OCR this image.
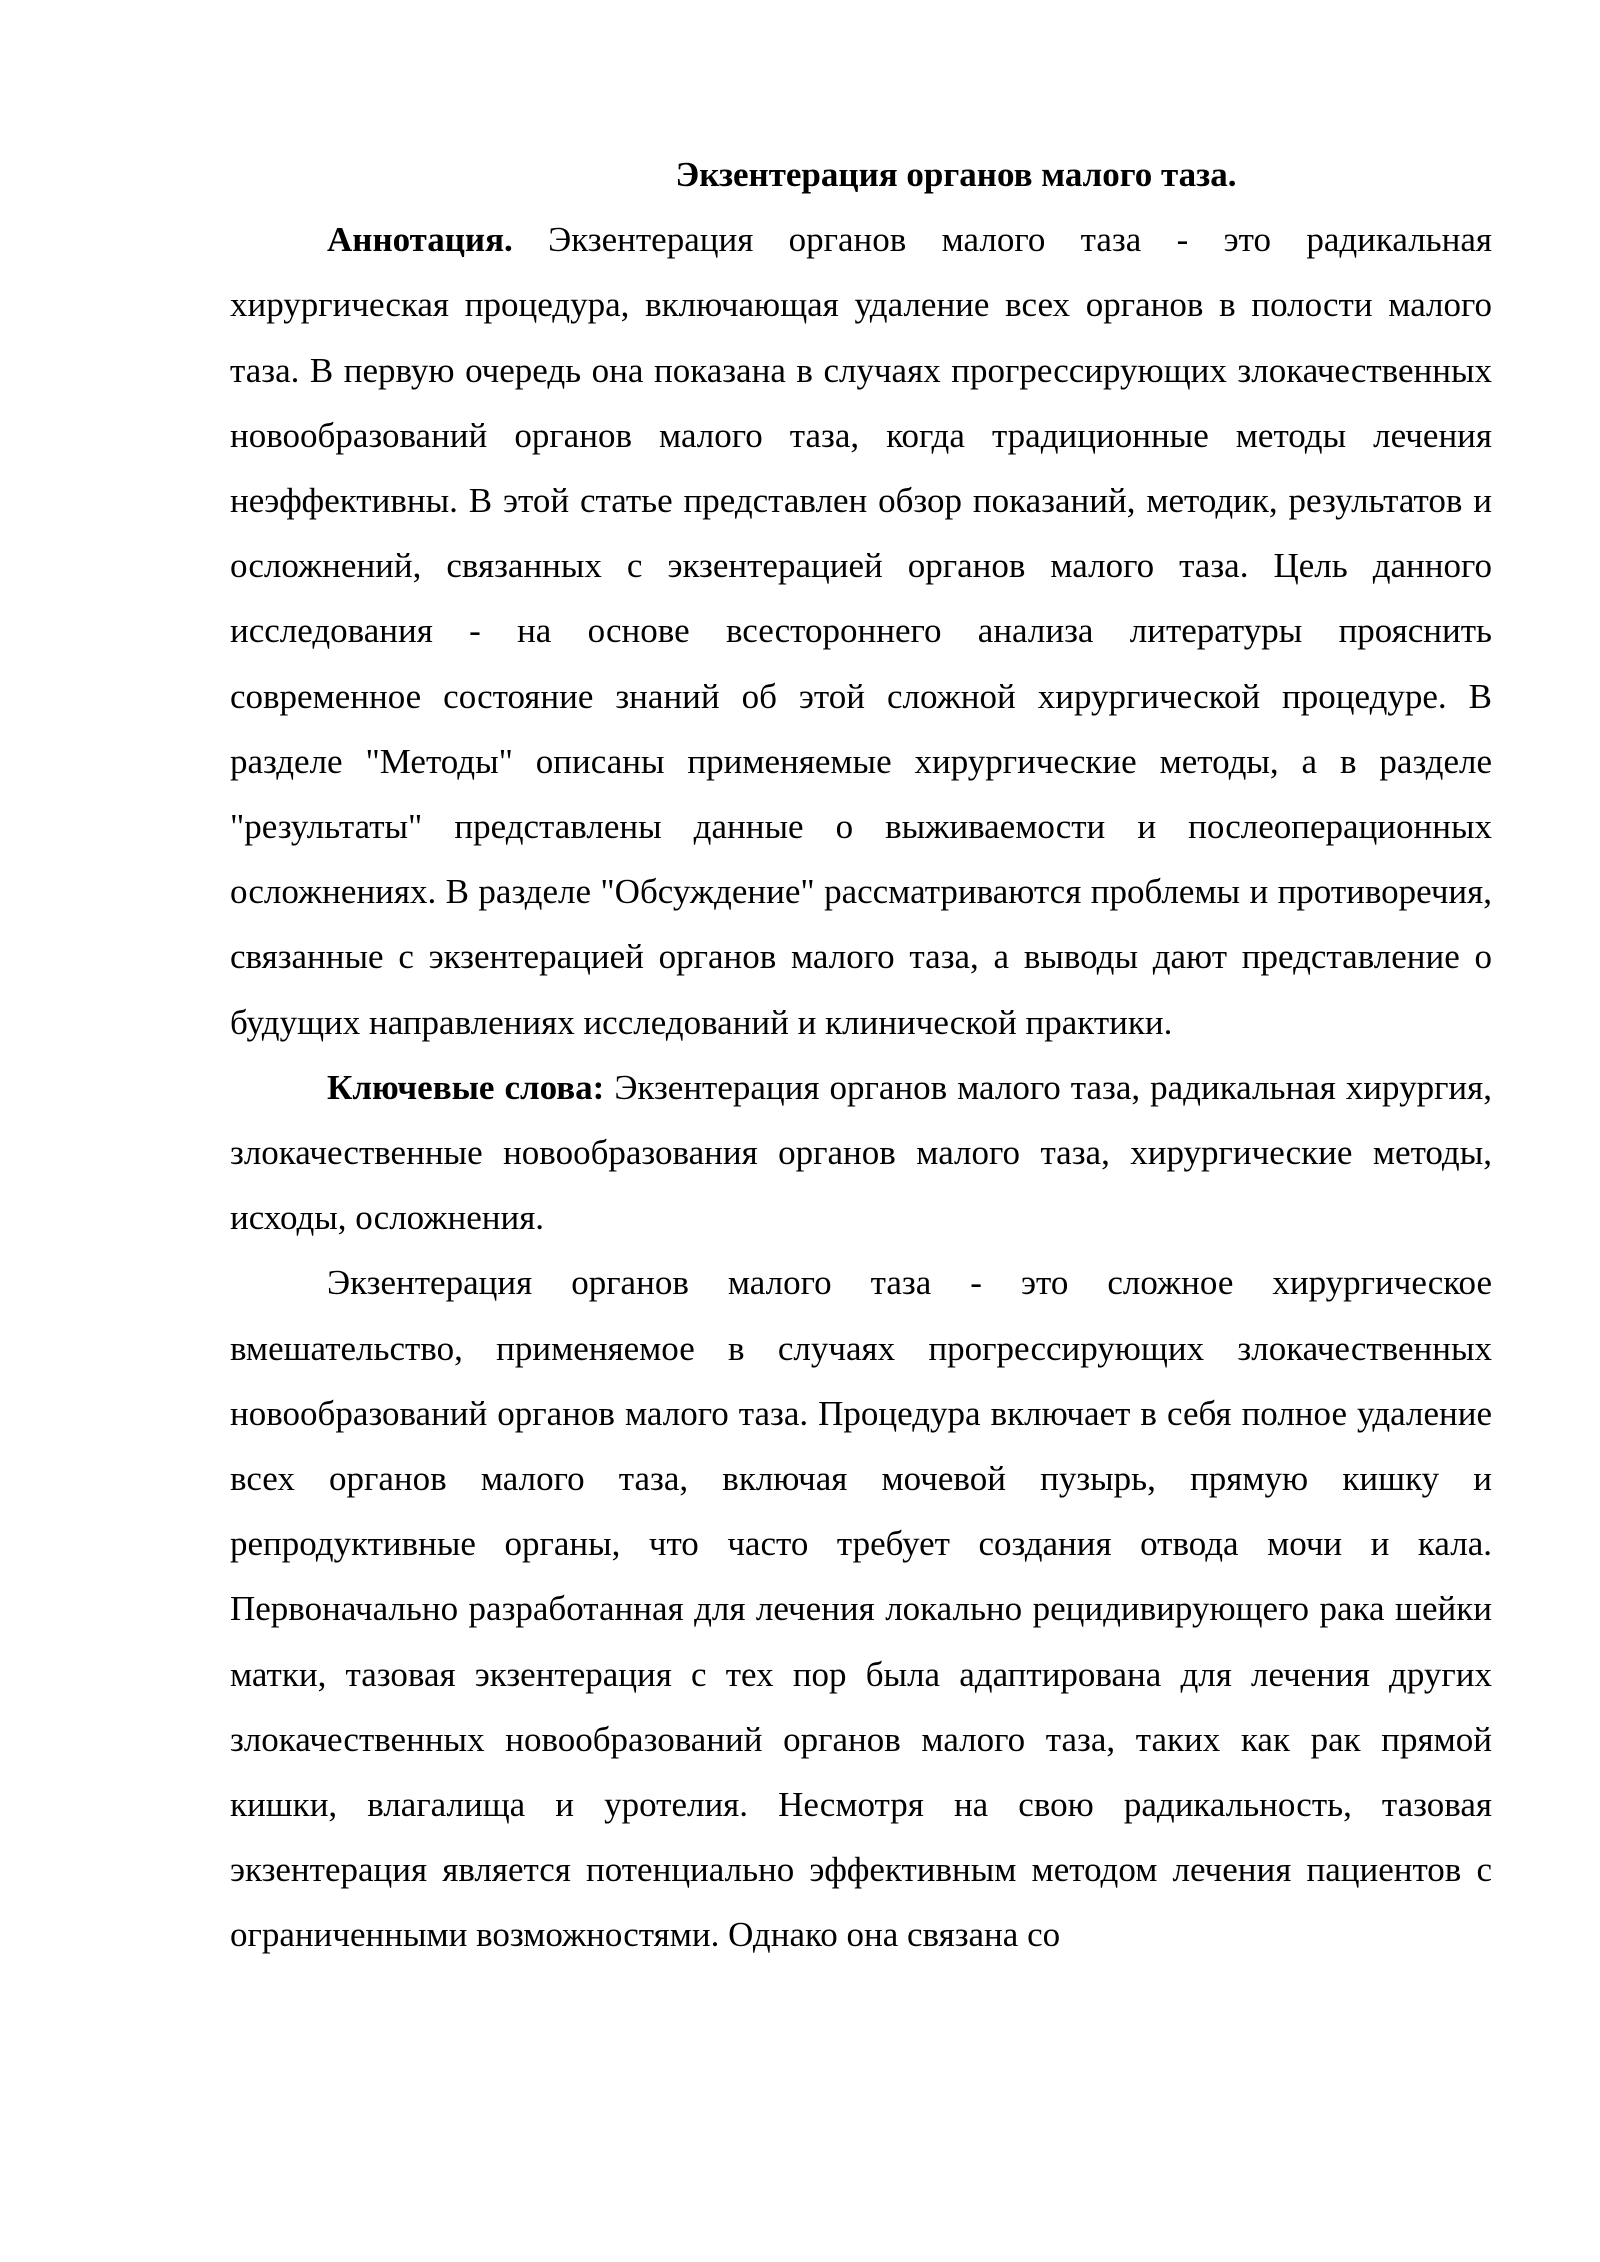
Экзентерация органов малого таза.

Аннотация. Экзентерация органов малого таза - это радикальная хирургическая процедура, включающая удаление всех органов в полости малого таза. В первую очередь она показана в случаях прогрессирующих злокачественных новообразований органов малого таза, когда традиционные методы лечения неэффективны. В этой статье представлен обзор показаний, методик, результатов и осложнений, связанных с экзентерацией органов малого таза. Цель данного исследования - на основе всестороннего анализа литературы прояснить современное состояние знаний об этой сложной хирургической процедуре. В разделе "Методы" описаны применяемые хирургические методы, а в разделе "результаты" представлены данные о выживаемости и послеоперационных осложнениях. В разделе "Обсуждение" рассматриваются проблемы и противоречия, связанные с экзентерацией органов малого таза, а выводы дают представление о будущих направлениях исследований и клинической практики.

Ключевые слова: Экзентерация органов малого таза, радикальная хирургия, злокачественные новообразования органов малого таза, хирургические методы, исходы, осложнения.

Экзентерация органов малого таза - это сложное хирургическое вмешательство, применяемое в случаях прогрессирующих злокачественных новообразований органов малого таза. Процедура включает в себя полное удаление всех органов малого таза, включая мочевой пузырь, прямую кишку и репродуктивные органы, что часто требует создания отвода мочи и кала. Первоначально разработанная для лечения локально рецидивирующего рака шейки матки, тазовая экзентерация с тех пор была адаптирована для лечения других злокачественных новообразований органов малого таза, таких как рак прямой кишки, влагалища и уротелия. Несмотря на свою радикальность, тазовая экзентерация является потенциально эффективным методом лечения пациентов с ограниченными возможностями. Однако она связана со
